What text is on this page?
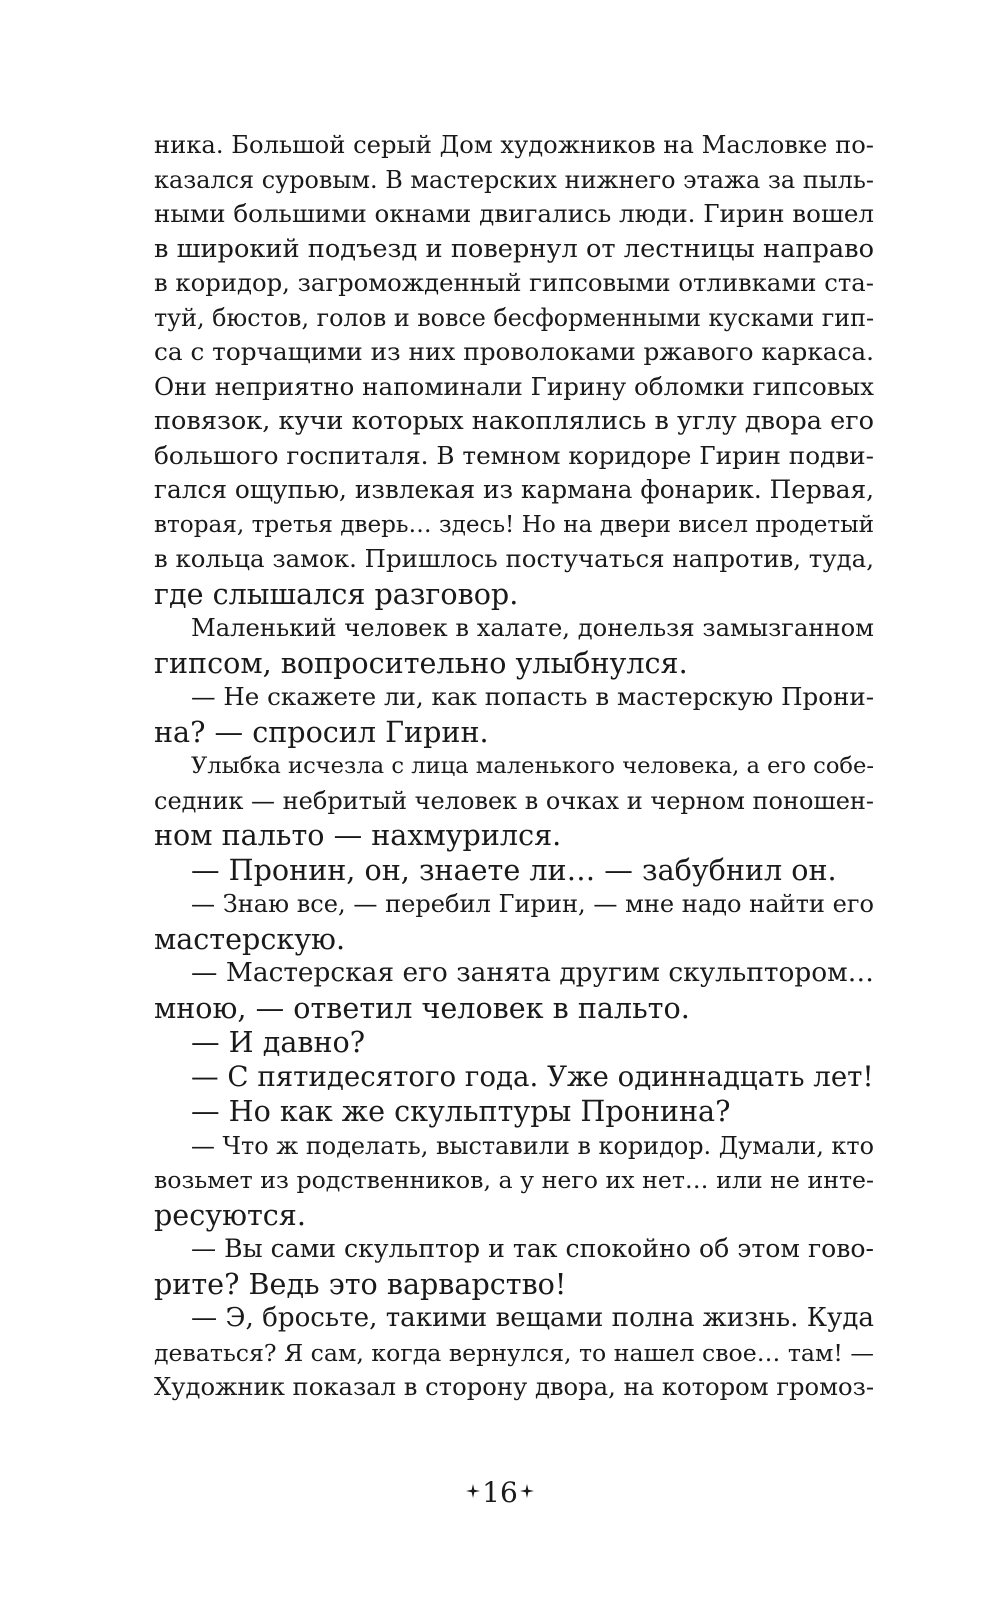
ника. Большой серый Дом художников на Масловке по-
казался суровым. В мастерских нижнего этажа за пыль-
ными большими окнами двигались люди. Гирин вошел
в широкий подъезд и повернул от лестницы направо
в коридор, загроможденный гипсовыми отливками ста-
туй, бюстов, голов и вовсе бесформенными кусками гип-
са с торчащими из них проволоками ржавого каркаса.
Они неприятно напоминали Гирину обломки гипсовых
повязок, кучи которых накоплялись в углу двора его
большого госпиталя. В темном коридоре Гирин подви-
гался ощупью, извлекая из кармана фонарик. Первая,
вторая, третья дверь… здесь! Но на двери висел продетый
в кольца замок. Пришлось постучаться напротив, туда,
где слышался разговор.
Маленький человек в халате, донельзя замызганном
гипсом, вопросительно улыбнулся.
— Не скажете ли, как попасть в мастерскую Прони-
на? — спросил Гирин.
Улыбка исчезла с лица маленького человека, а его собе-
седник — небритый человек в очках и черном поношен-
ном пальто — нахмурился.
— Пронин, он, знаете ли… — забубнил он.
— Знаю все, — перебил Гирин, — мне надо найти его
мастерскую.
— Мастерская его занята другим скульптором…
мною, — ответил человек в пальто.
— И давно?
— С пятидесятого года. Уже одиннадцать лет!
— Но как же скульптуры Пронина?
— Что ж поделать, выставили в коридор. Думали, кто
возьмет из родственников, а у него их нет… или не инте-
ресуются.
— Вы сами скульптор и так спокойно об этом гово-
рите? Ведь это варварство!
— Э, бросьте, такими вещами полна жизнь. Куда
деваться? Я сам, когда вернулся, то нашел свое… там! —
Художник показал в сторону двора, на котором громоз-
16
